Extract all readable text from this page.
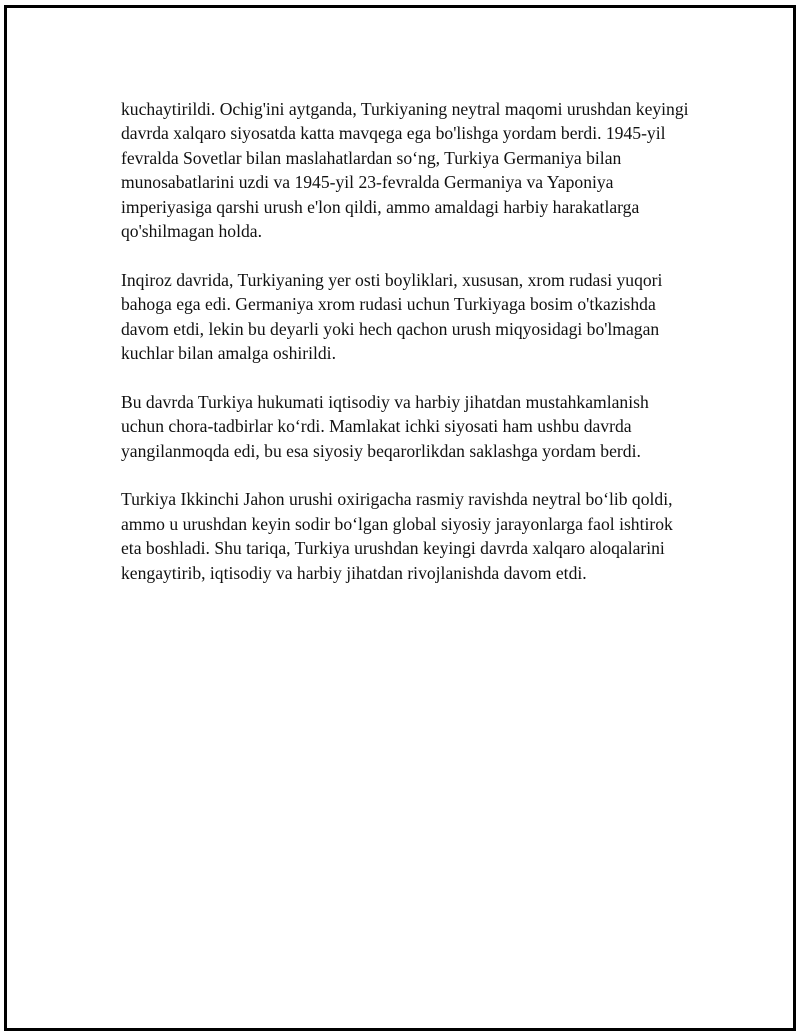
kuchaytirildi. Ochig'ini aytganda, Turkiyaning neytral maqomi urushdan keyingi davrda xalqaro siyosatda katta mavqega ega bo'lishga yordam berdi. 1945-yil fevralda Sovetlar bilan maslahatlardan so‘ng, Turkiya Germaniya bilan munosabatlarini uzdi va 1945-yil 23-fevralda Germaniya va Yaponiya imperiyasiga qarshi urush e'lon qildi, ammo amaldagi harbiy harakatlarga qo'shilmagan holda.

Inqiroz davrida, Turkiyaning yer osti boyliklari, xususan, xrom rudasi yuqori bahoga ega edi. Germaniya xrom rudasi uchun Turkiyaga bosim o'tkazishda davom etdi, lekin bu deyarli yoki hech qachon urush miqyosidagi bo'lmagan kuchlar bilan amalga oshirildi.

Bu davrda Turkiya hukumati iqtisodiy va harbiy jihatdan mustahkamlanish uchun chora-tadbirlar ko‘rdi. Mamlakat ichki siyosati ham ushbu davrda yangilanmoqda edi, bu esa siyosiy beqarorlikdan saklashga yordam berdi.

Turkiya Ikkinchi Jahon urushi oxirigacha rasmiy ravishda neytral bo‘lib qoldi, ammo u urushdan keyin sodir bo‘lgan global siyosiy jarayonlarga faol ishtirok eta boshladi. Shu tariqa, Turkiya urushdan keyingi davrda xalqaro aloqalarini kengaytirib, iqtisodiy va harbiy jihatdan rivojlanishda davom etdi.
